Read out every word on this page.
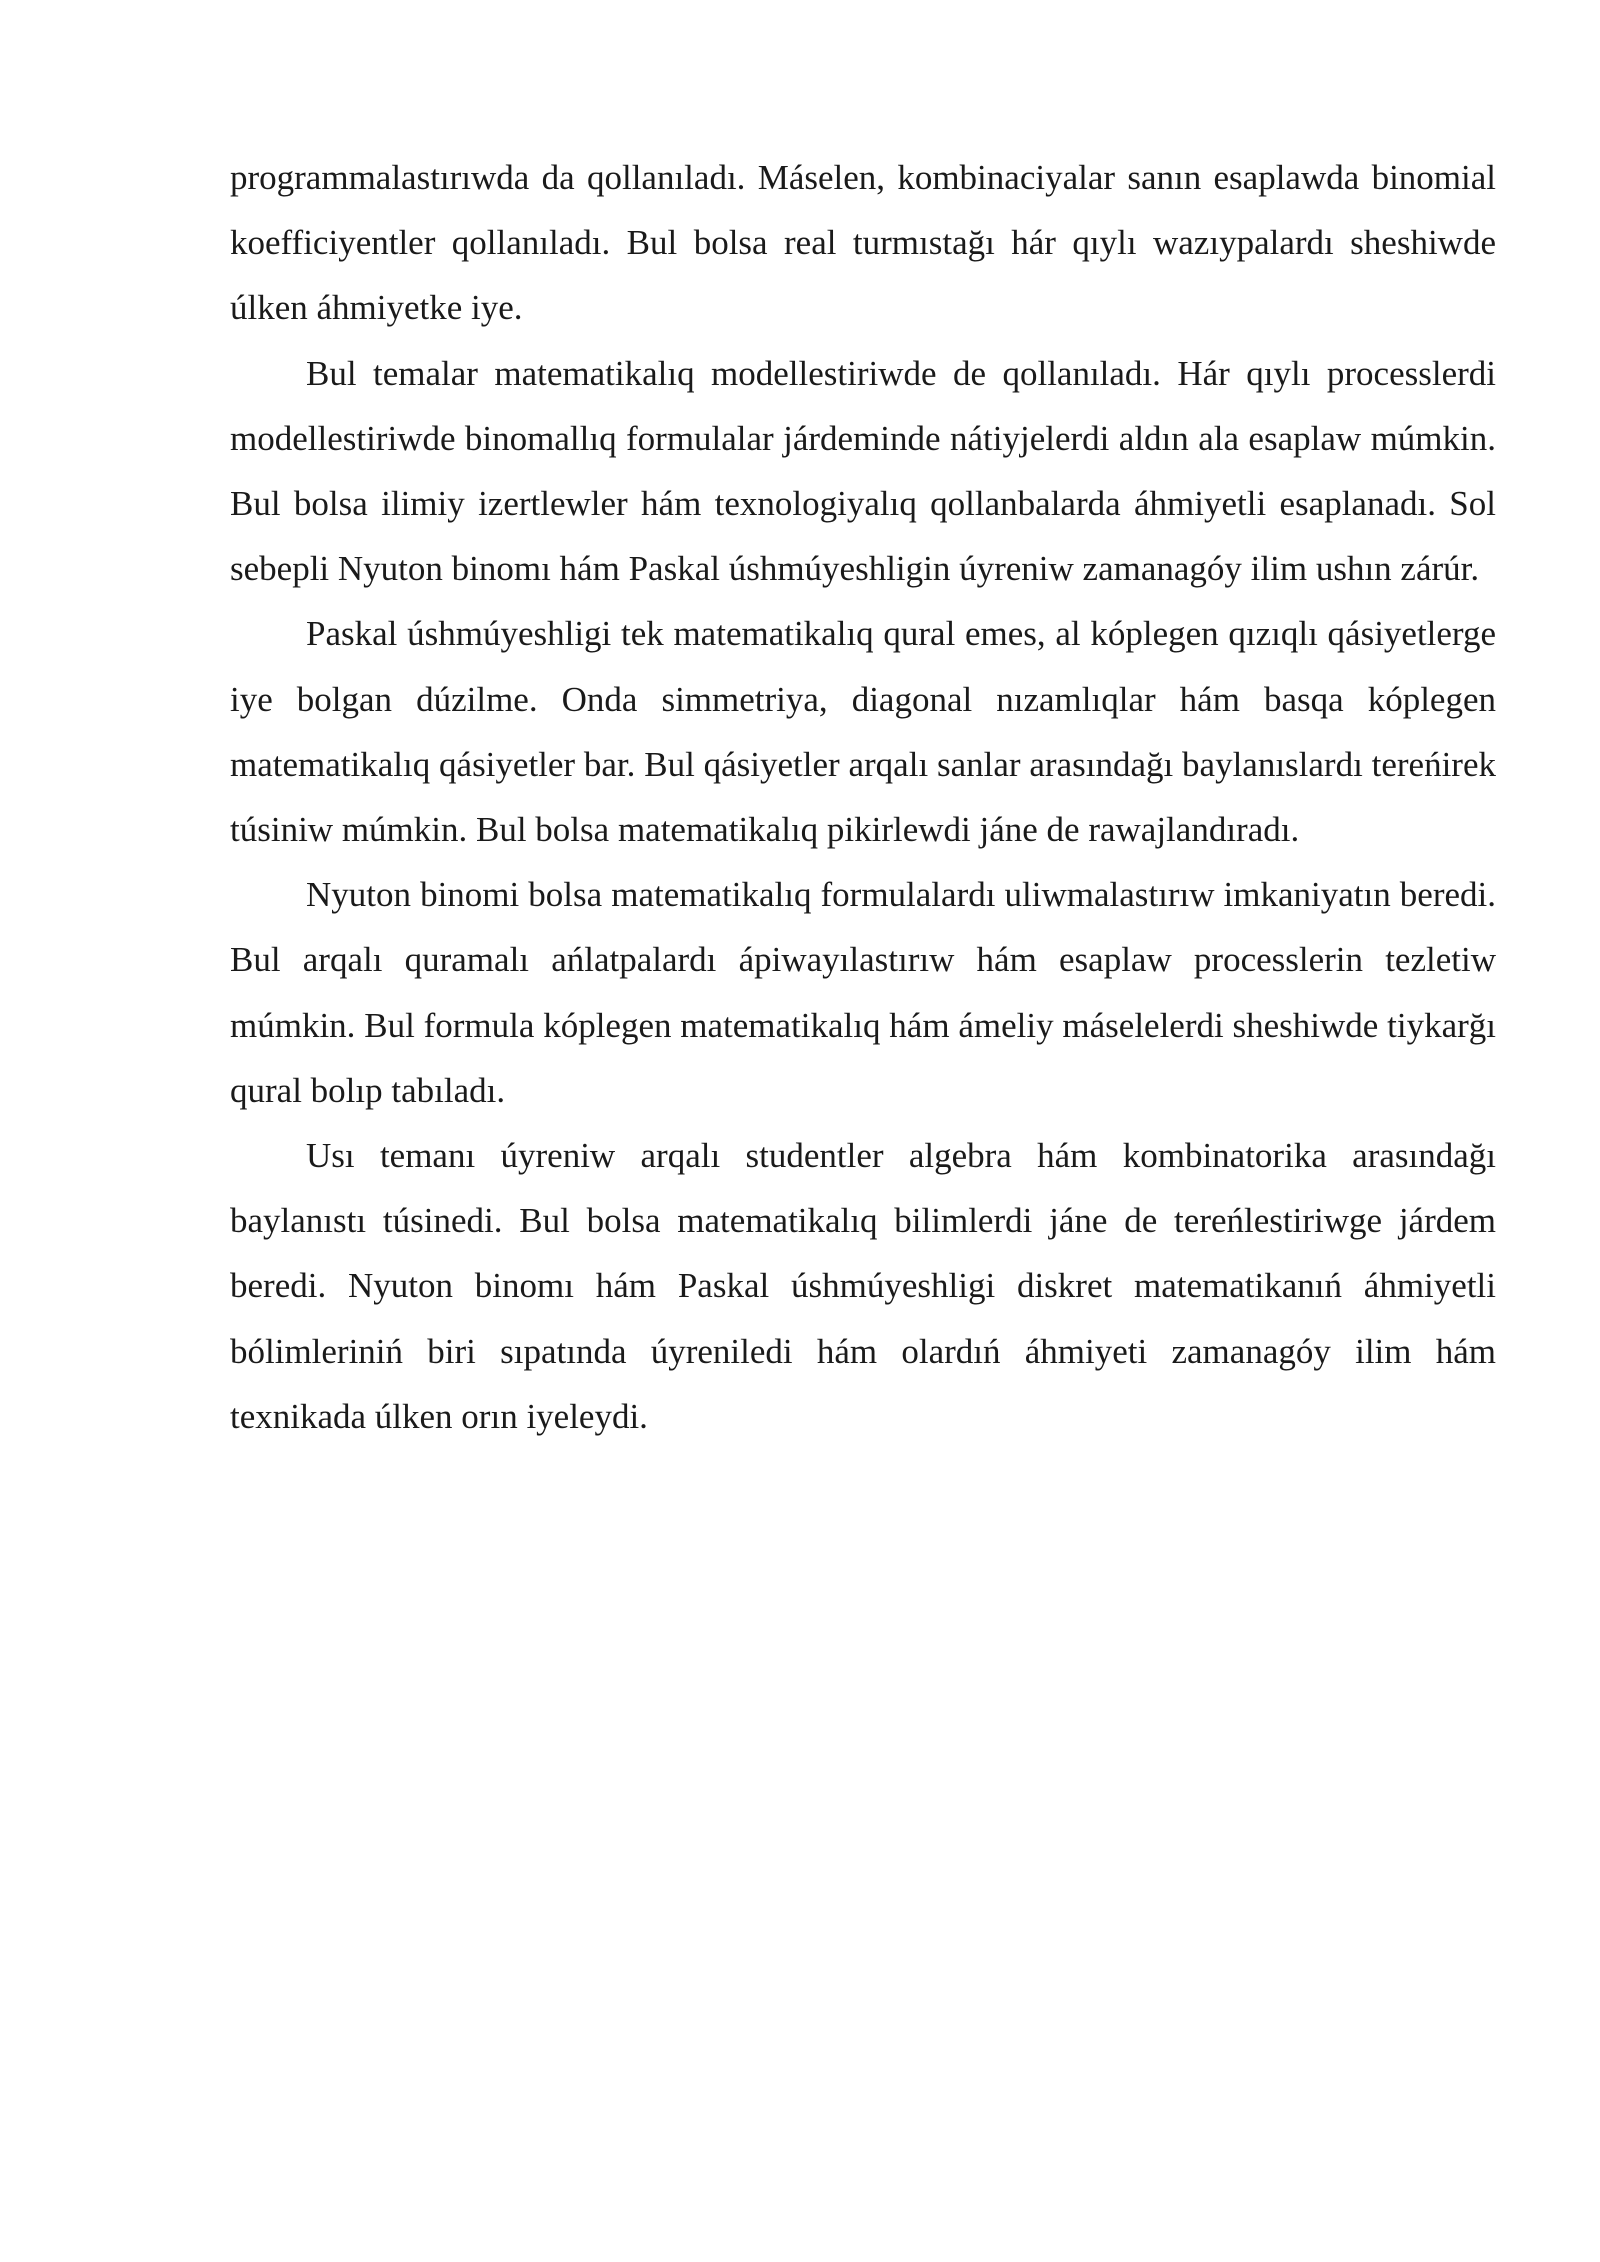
programmalastırıwda da qollanıladı. Máselen, kombinaciyalar sanın esaplawda binomial koefficiyentler qollanıladı. Bul bolsa real turmıstağı hár qıylı wazıypalardı sheshiwde úlken áhmiyetke iye.

Bul temalar matematikalıq modellestiriwde de qollanıladı. Hár qıylı processlerdi modellestiriwde binomallıq formulalar járdeminde nátiyjelerdi aldın ala esaplaw múmkin. Bul bolsa ilimiy izertlewler hám texnologiyalıq qollanbalarda áhmiyetli esaplanadı. Sol sebepli Nyuton binomı hám Paskal úshmúyeshligin úyreniw zamanagóy ilim ushın zárúr.

Paskal úshmúyeshligi tek matematikalıq qural emes, al kóplegen qızıqlı qásiyetlerge iye bolgan dúzilme. Onda simmetriya, diagonal nızamlıqlar hám basqa kóplegen matematikalıq qásiyetler bar. Bul qásiyetler arqalı sanlar arasındağı baylanıslardı tereńirek túsiniw múmkin. Bul bolsa matematikalıq pikirlewdi jáne de rawajlandıradı.

Nyuton binomi bolsa matematikalıq formulalardı uliwmalastırıw imkaniyatın beredi. Bul arqalı quramalı ańlatpalardı ápiwayılastırıw hám esaplaw processlerin tezletiw múmkin. Bul formula kóplegen matematikalıq hám ámeliy máselelerdi sheshiwde tiykarğı qural bolıp tabıladı.

Usı temanı úyreniw arqalı studentler algebra hám kombinatorika arasındağı baylanıstı túsinedi. Bul bolsa matematikalıq bilimlerdi jáne de tereńlestiriwge járdem beredi. Nyuton binomı hám Paskal úshmúyeshligi diskret matematikanıń áhmiyetli bólimleriniń biri sıpatında úyreniledi hám olardıń áhmiyeti zamanagóy ilim hám texnikada úlken orın iyeleydi.
